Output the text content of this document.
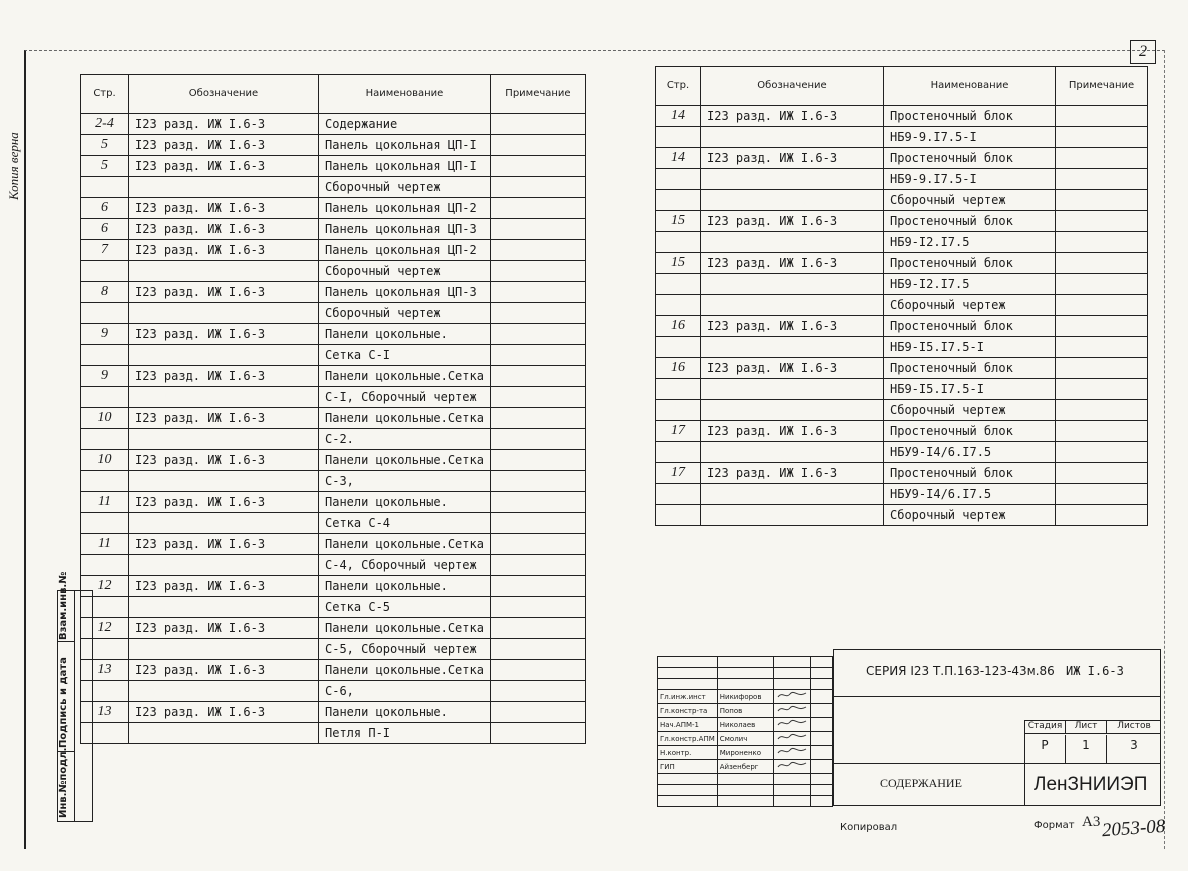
2
Копия верна
Стр.	Обозначение	Наименование	Примечание
2-4	I23 разд. ИЖ I.6-3	Содержание	
5	I23 разд. ИЖ I.6-3	Панель цокольная ЦП-I	
5	I23 разд. ИЖ I.6-3	Панель цокольная ЦП-I	
		Сборочный чертеж	
6	I23 разд. ИЖ I.6-3	Панель цокольная ЦП-2	
6	I23 разд. ИЖ I.6-3	Панель цокольная ЦП-3	
7	I23 разд. ИЖ I.6-3	Панель цокольная ЦП-2	
		Сборочный чертеж	
8	I23 разд. ИЖ I.6-3	Панель цокольная ЦП-3	
		Сборочный чертеж	
9	I23 разд. ИЖ I.6-3	Панели цокольные.	
		Сетка С-I	
9	I23 разд. ИЖ I.6-3	Панели цокольные.Сетка	
		С-I, Сборочный чертеж	
10	I23 разд. ИЖ I.6-3	Панели цокольные.Сетка	
		С-2.	
10	I23 разд. ИЖ I.6-3	Панели цокольные.Сетка	
		С-3,	
11	I23 разд. ИЖ I.6-3	Панели цокольные.	
		Сетка С-4	
11	I23 разд. ИЖ I.6-3	Панели цокольные.Сетка	
		С-4, Сборочный чертеж	
12	I23 разд. ИЖ I.6-3	Панели цокольные.	
		Сетка С-5	
12	I23 разд. ИЖ I.6-3	Панели цокольные.Сетка	
		С-5, Сборочный чертеж	
13	I23 разд. ИЖ I.6-3	Панели цокольные.Сетка	
		С-6,	
13	I23 разд. ИЖ I.6-3	Панели цокольные.	
		Петля П-I	
Стр.	Обозначение	Наименование	Примечание
14	I23 разд. ИЖ I.6-3	Простеночный блок	
		НБ9-9.I7.5-I	
14	I23 разд. ИЖ I.6-3	Простеночный блок	
		НБ9-9.I7.5-I	
		Сборочный чертеж	
15	I23 разд. ИЖ I.6-3	Простеночный блок	
		НБ9-I2.I7.5	
15	I23 разд. ИЖ I.6-3	Простеночный блок	
		НБ9-I2.I7.5	
		Сборочный чертеж	
16	I23 разд. ИЖ I.6-3	Простеночный блок	
		НБ9-I5.I7.5-I	
16	I23 разд. ИЖ I.6-3	Простеночный блок	
		НБ9-I5.I7.5-I	
		Сборочный чертеж	
17	I23 разд. ИЖ I.6-3	Простеночный блок	
		НБУ9-I4/6.I7.5	
17	I23 разд. ИЖ I.6-3	Простеночный блок	
		НБУ9-I4/6.I7.5	
		Сборочный чертеж	

Гл.инж.инст	Никифоров		
Гл.констр-та	Попов		
Нач.АПМ-1	Николаев		
Гл.констр.АПМ	Смолич		
Н.контр.	Мироненко		
ГИП	Айзенберг		

СЕРИЯ I23 Т.П.163-123-43м.86 ИЖ I.6-3
Стадия	Лист	Листов
Р	1	3
СОДЕРЖАНИЕ	ЛенЗНИИЭП
Взам.инв.№
Подпись и дата
Инв.№подл.
Копировал	Формат А3 2053-08
